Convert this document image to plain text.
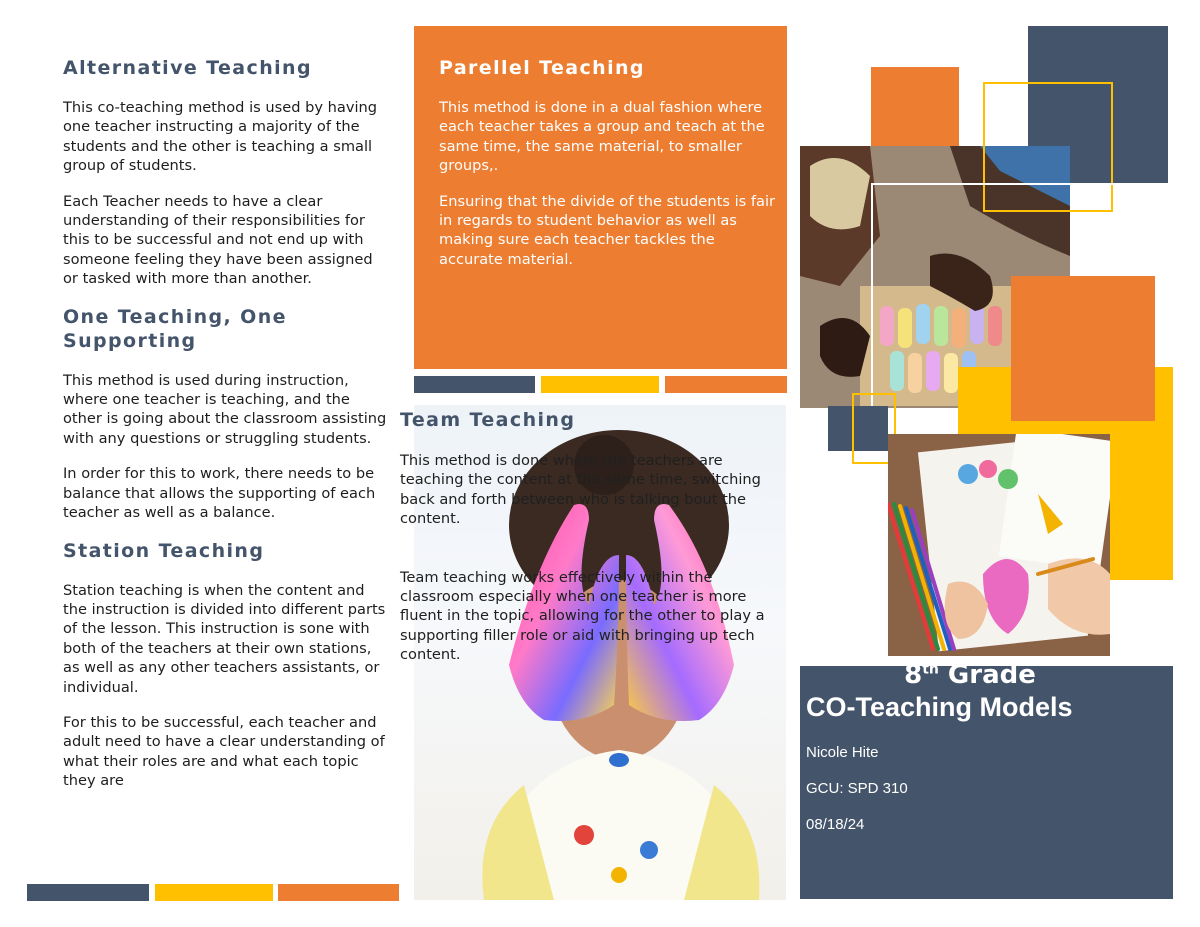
Alternative Teaching

This co-teaching method is used by having one teacher instructing a majority of the students and the other is teaching a small group of students.

Each Teacher needs to have a clear understanding of their responsibilities for this to be successful and not end up with someone feeling they have been assigned or tasked with more than another.

One Teaching, One Supporting

This method is used during instruction, where one teacher is teaching, and the other is going about the classroom assisting with any questions or struggling students.

In order for this to work, there needs to be balance that allows the supporting of each teacher as well as a balance.

Station Teaching

Station teaching is when the content and the instruction is divided into different parts of the lesson. This instruction is sone with both of the teachers at their own stations, as well as any other teachers assistants, or individual.

For this to be successful, each teacher and adult need to have a clear understanding of what their roles are and what each topic they are

Parellel Teaching

This method is done in a dual fashion where each teacher takes a group and teach at the same time, the same material, to smaller groups,.

Ensuring that the divide of the students is fair in regards to student behavior as well as making sure each teacher tackles the accurate material.

Team Teaching

This method is done where the teachers are teaching the content at the same time, switching back and forth between who is talking bout the content.

Team teaching works effectively within the classroom especially when one teacher is more fluent in the topic, allowing for the other to play a supporting filler role or aid with bringing up tech content.

8th Grade
CO-Teaching Models
Nicole Hite
GCU: SPD 310
08/18/24
